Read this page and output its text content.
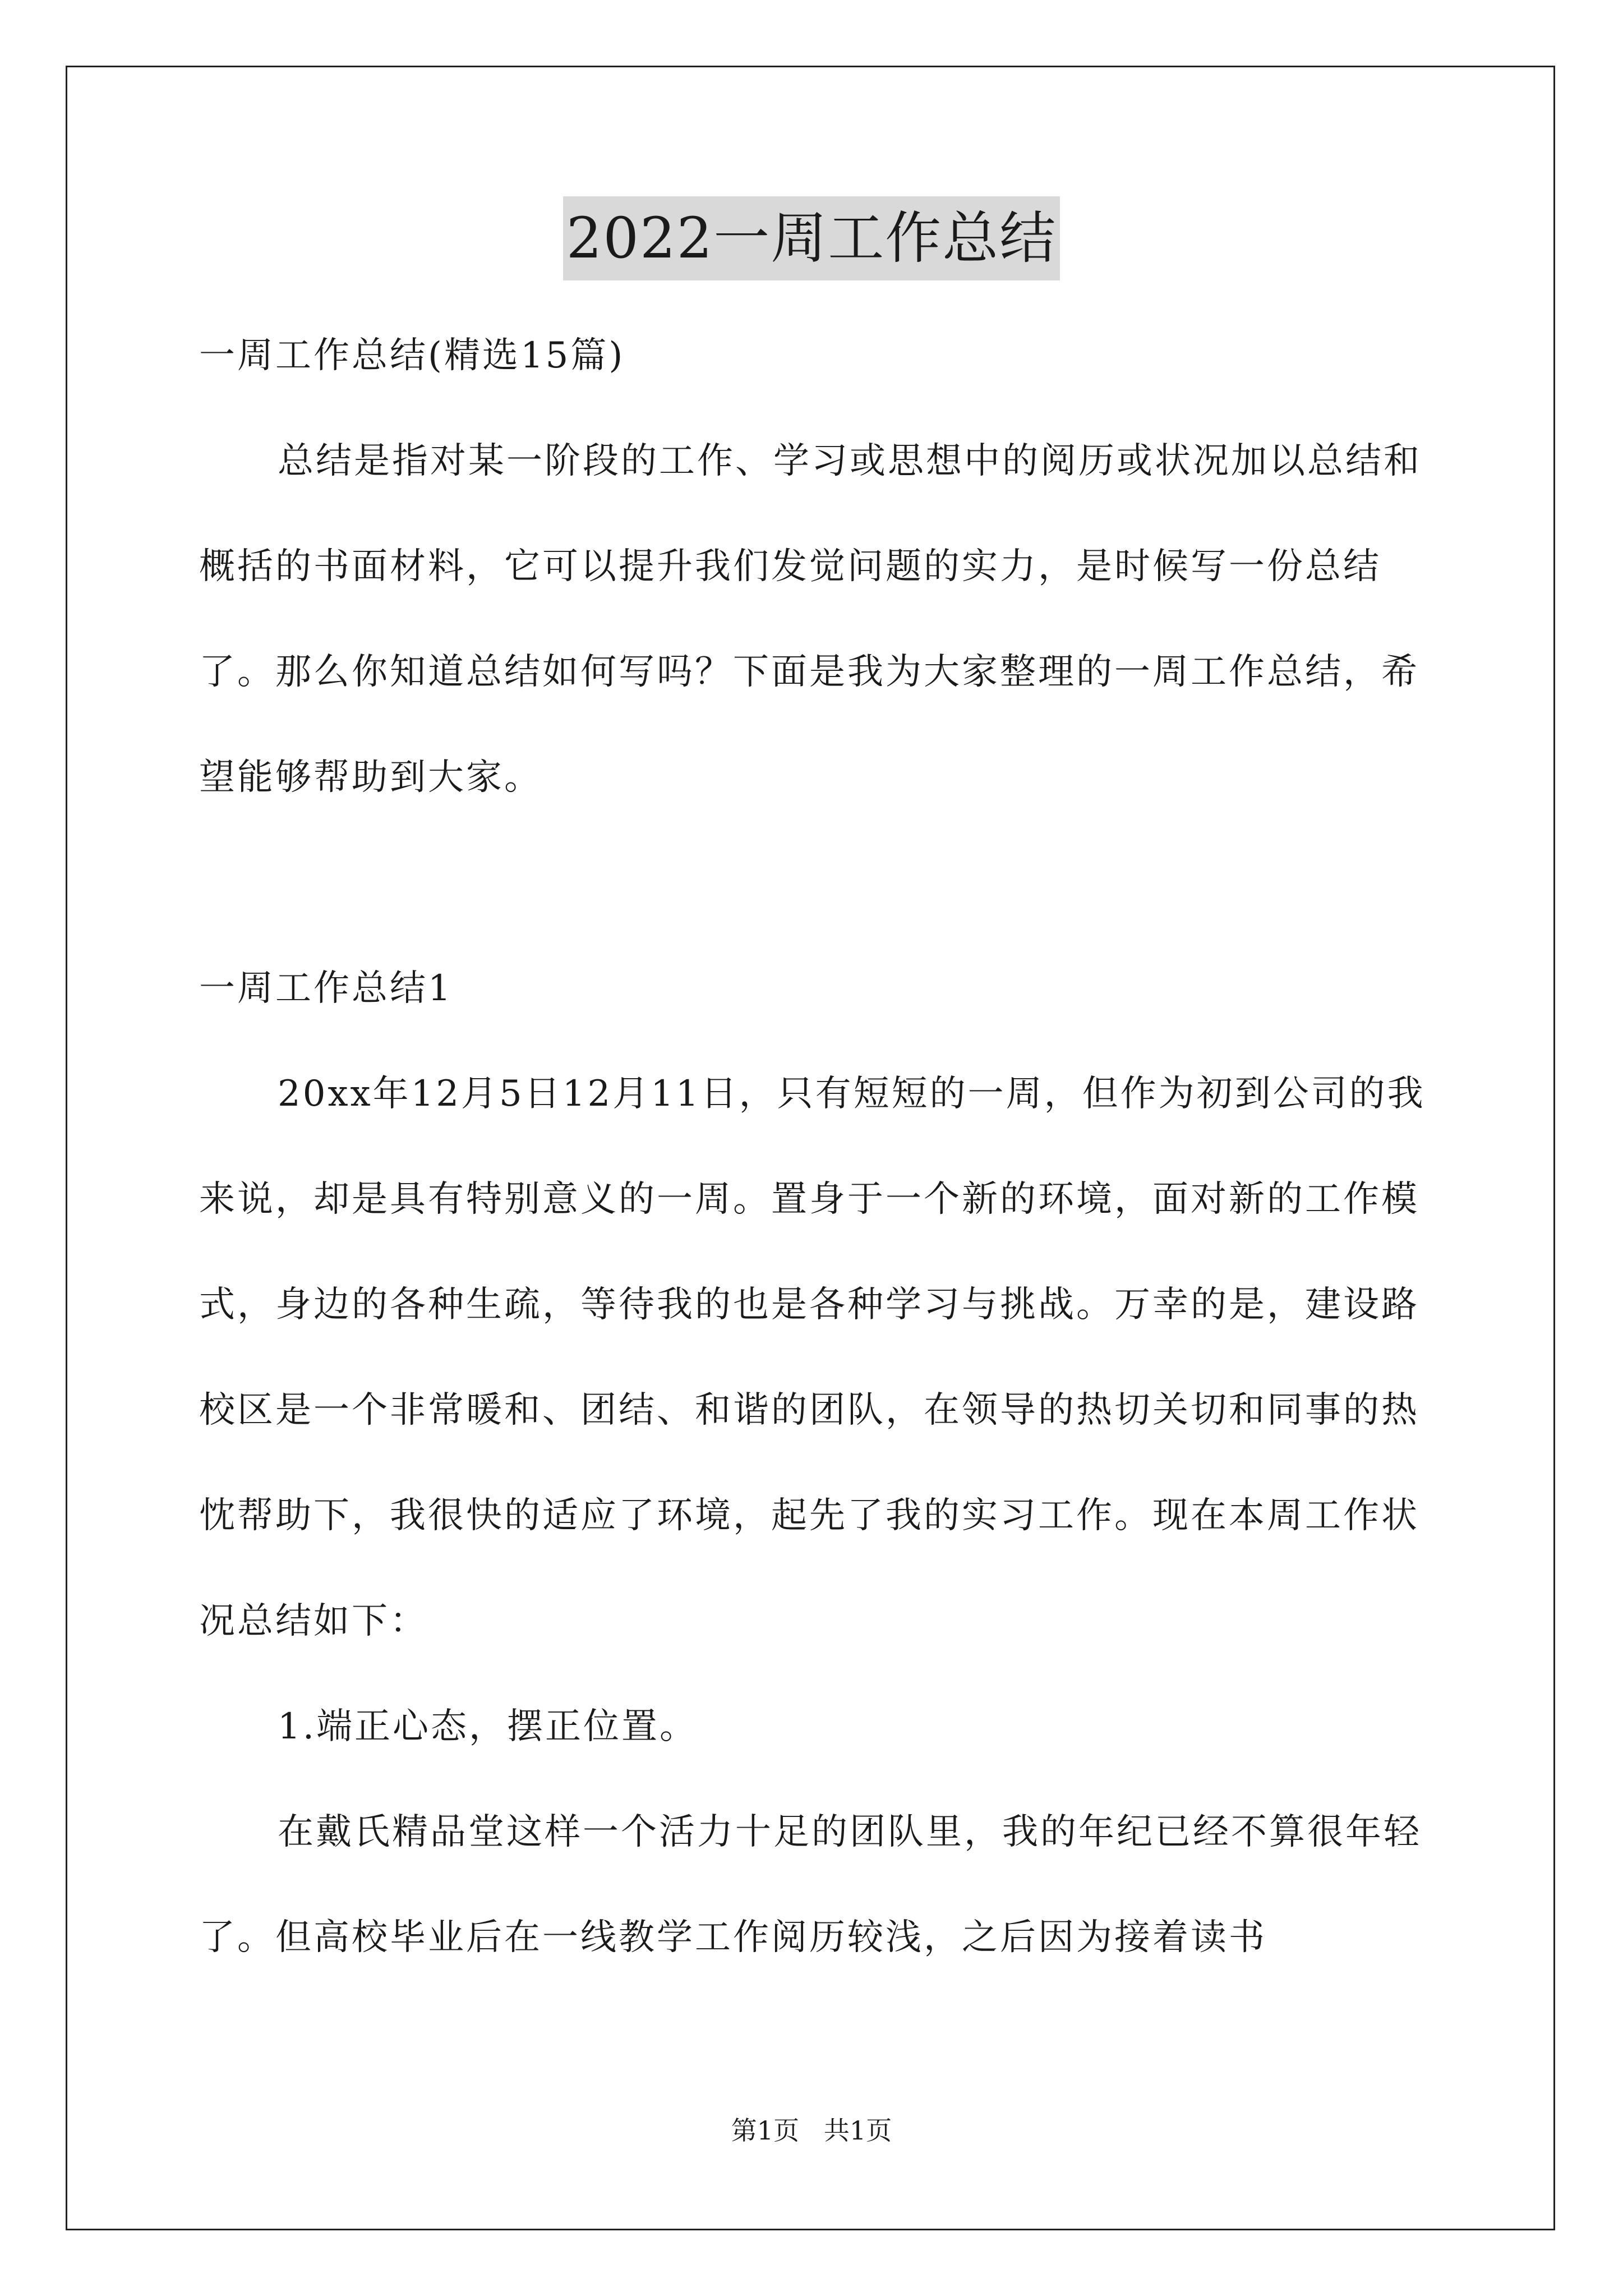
2022一周工作总结

一周工作总结(精选15篇)

总结是指对某一阶段的工作、学习或思想中的阅历或状况加以总结和概括的书面材料，它可以提升我们发觉问题的实力，是时候写一份总结了。那么你知道总结如何写吗？下面是我为大家整理的一周工作总结，希望能够帮助到大家。

一周工作总结1

20xx年12月5日12月11日，只有短短的一周，但作为初到公司的我来说，却是具有特别意义的一周。置身于一个新的环境，面对新的工作模式，身边的各种生疏，等待我的也是各种学习与挑战。万幸的是，建设路校区是一个非常暖和、团结、和谐的团队，在领导的热切关切和同事的热忱帮助下，我很快的适应了环境，起先了我的实习工作。现在本周工作状况总结如下：

1.端正心态，摆正位置。

在戴氏精品堂这样一个活力十足的团队里，我的年纪已经不算很年轻了。但高校毕业后在一线教学工作阅历较浅，之后因为接着读书

第1页   共1页
